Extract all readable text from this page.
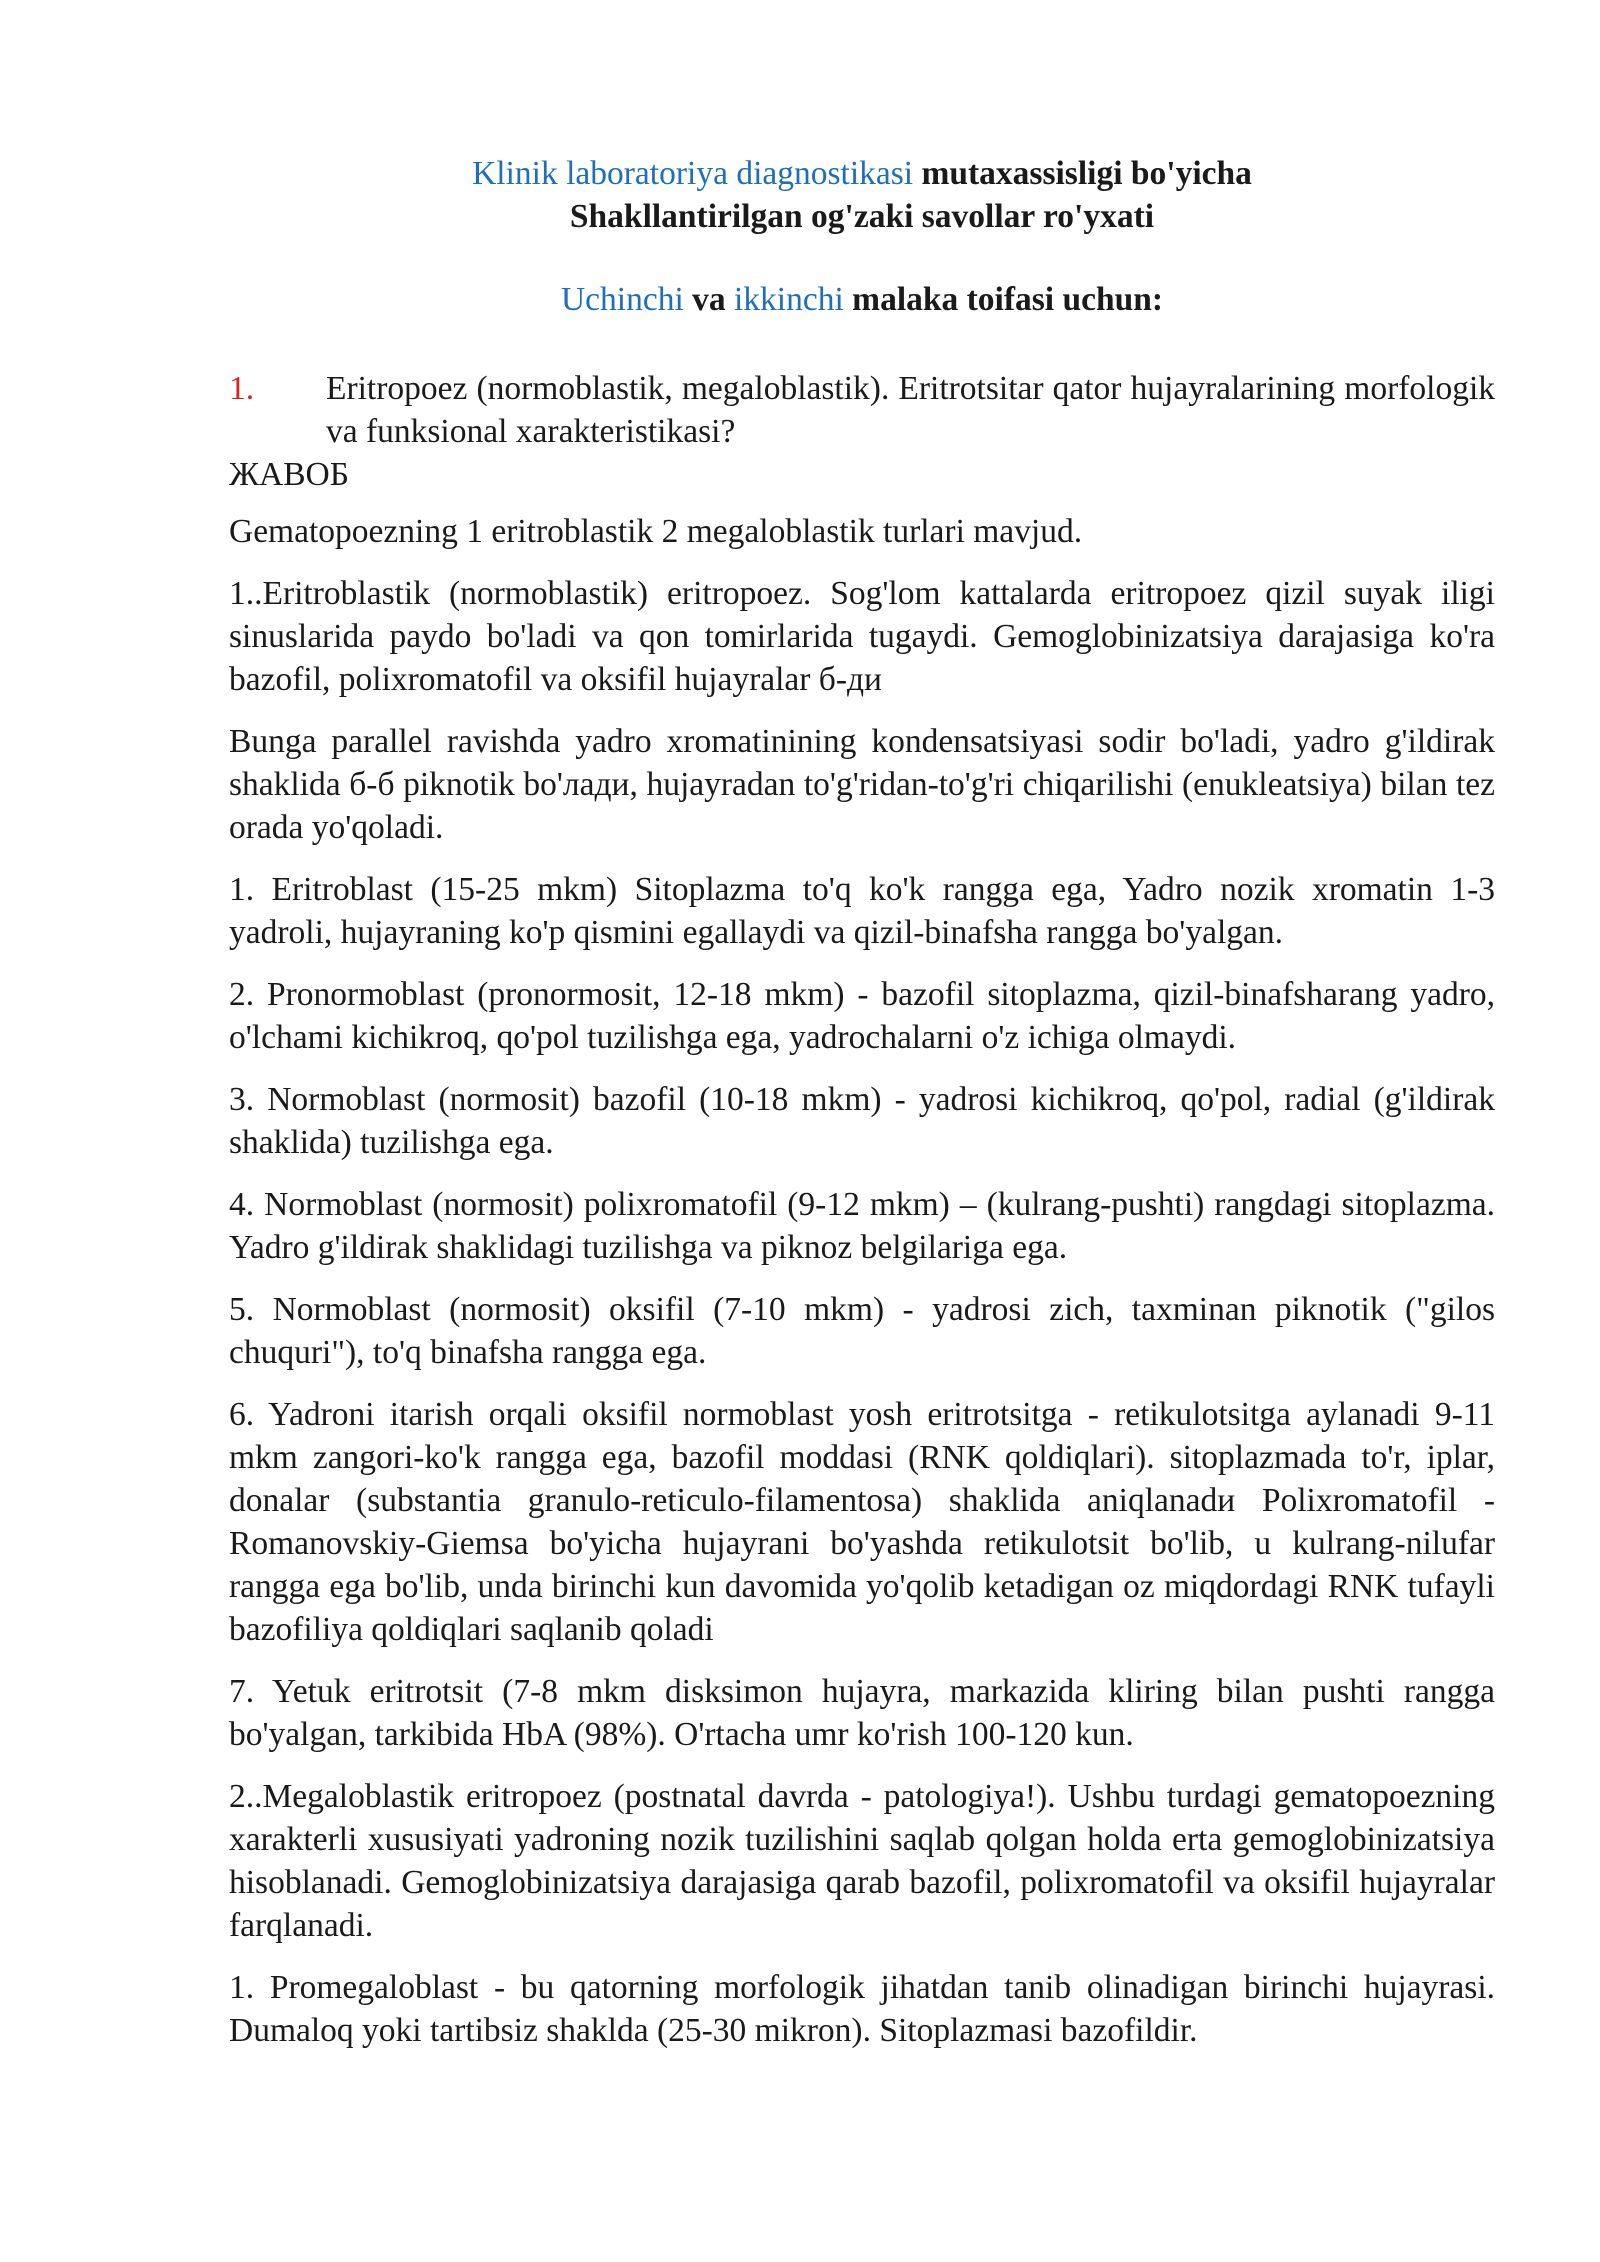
Klinik laboratoriya diagnostikasi mutaxassisligi bo'yicha

Shakllantirilgan og'zaki savollar ro'yxati

Uchinchi va ikkinchi malaka toifasi uchun:
1.	Eritropoez (normoblastik, megaloblastik). Eritrotsitar qator hujayralarining morfologik va funksional xarakteristikasi?

ЖАВОБ

Gematopoezning 1 eritroblastik 2 megaloblastik turlari mavjud.

1..Eritroblastik (normoblastik) eritropoez. Sog'lom kattalarda eritropoez qizil suyak iligi sinuslarida paydo bo'ladi va qon tomirlarida tugaydi. Gemoglobinizatsiya darajasiga ko'ra bazofil, polixromatofil va oksifil hujayralar б-ди

Bunga parallel ravishda yadro xromatinining kondensatsiyasi sodir bo'ladi, yadro g'ildirak shaklida б-б piknotik bo'лади, hujayradan to'g'ridan-to'g'ri chiqarilishi (enukleatsiya) bilan tez orada yo'qoladi.

1. Eritroblast (15-25 mkm) Sitoplazma to'q ko'k rangga ega, Yadro nozik xromatin 1-3 yadroli, hujayraning ko'p qismini egallaydi va qizil-binafsha rangga bo'yalgan.

2. Pronormoblast (pronormosit, 12-18 mkm) - bazofil sitoplazma, qizil-binafsharang yadro, o'lchami kichikroq, qo'pol tuzilishga ega, yadrochalarni o'z ichiga olmaydi.

3. Normoblast (normosit) bazofil (10-18 mkm) - yadrosi kichikroq, qo'pol, radial (g'ildirak shaklida) tuzilishga ega.

4. Normoblast (normosit) polixromatofil (9-12 mkm) – (kulrang-pushti) rangdagi sitoplazma. Yadro g'ildirak shaklidagi tuzilishga va piknoz belgilariga ega.

5. Normoblast (normosit) oksifil (7-10 mkm) - yadrosi zich, taxminan piknotik ("gilos chuquri"), to'q binafsha rangga ega.

6. Yadroni itarish orqali oksifil normoblast yosh eritrotsitga - retikulotsitga aylanadi 9-11 mkm zangori-ko'k rangga ega, bazofil moddasi (RNK qoldiqlari). sitoplazmada to'r, iplar, donalar (substantia granulo-reticulo-filamentosa) shaklida aniqlanadи Polixromatofil - Romanovskiy-Giemsa bo'yicha hujayrani bo'yashda retikulotsit bo'lib, u kulrang-nilufar rangga ega bo'lib, unda birinchi kun davomida yo'qolib ketadigan oz miqdordagi RNK tufayli bazofiliya qoldiqlari saqlanib qoladi

7. Yetuk eritrotsit (7-8 mkm disksimon hujayra, markazida kliring bilan pushti rangga bo'yalgan, tarkibida HbA (98%). O'rtacha umr ko'rish 100-120 kun.

2..Megaloblastik eritropoez (postnatal davrda - patologiya!). Ushbu turdagi gematopoezning xarakterli xususiyati yadroning nozik tuzilishini saqlab qolgan holda erta gemoglobinizatsiya hisoblanadi. Gemoglobinizatsiya darajasiga qarab bazofil, polixromatofil va oksifil hujayralar farqlanadi.

1. Promegaloblast - bu qatorning morfologik jihatdan tanib olinadigan birinchi hujayrasi. Dumaloq yoki tartibsiz shaklda (25-30 mikron). Sitoplazmasi bazofildir.
